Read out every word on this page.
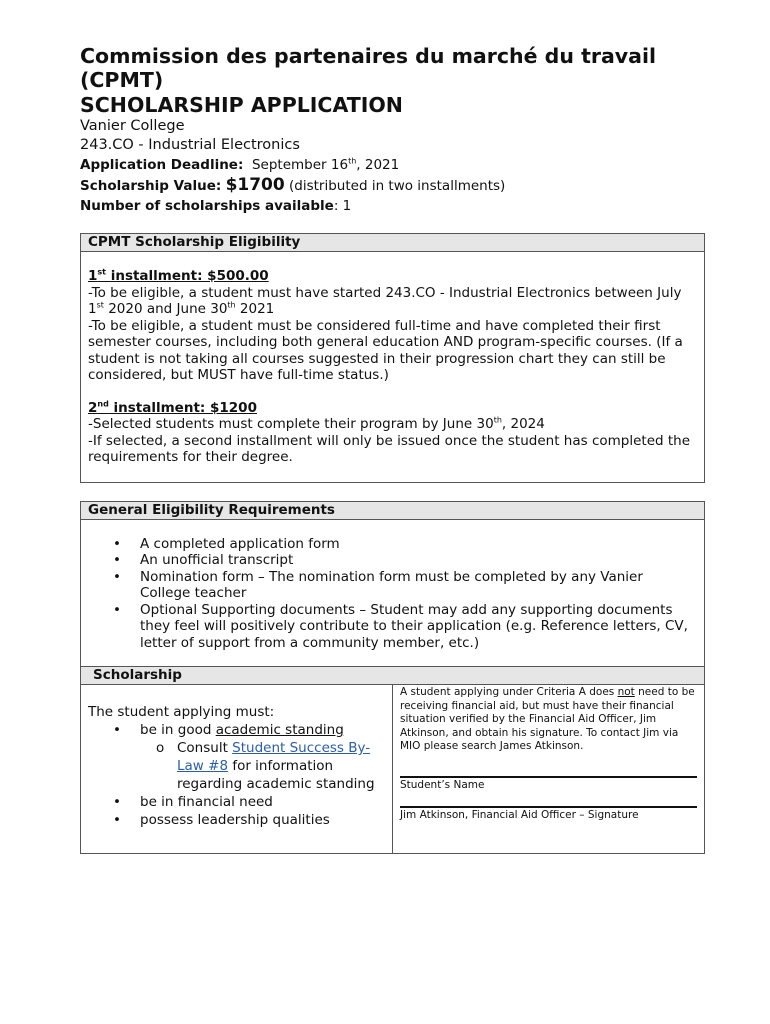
Commission des partenaires du marché du travail
(CPMT)
SCHOLARSHIP APPLICATION
Vanier College
243.CO - Industrial Electronics
Application Deadline: September 16th, 2021
Scholarship Value: $1700 (distributed in two installments)
Number of scholarships available: 1
CPMT Scholarship Eligibility
1st installment: $500.00
-To be eligible, a student must have started 243.CO - Industrial Electronics between July 1st 2020 and June 30th 2021
-To be eligible, a student must be considered full-time and have completed their first semester courses, including both general education AND program-specific courses. (If a student is not taking all courses suggested in their progression chart they can still be considered, but MUST have full-time status.)
2nd installment: $1200
-Selected students must complete their program by June 30th, 2024
-If selected, a second installment will only be issued once the student has completed the requirements for their degree.
General Eligibility Requirements
• A completed application form
• An unofficial transcript
• Nomination form – The nomination form must be completed by any Vanier College teacher
• Optional Supporting documents – Student may add any supporting documents they feel will positively contribute to their application (e.g. Reference letters, CV, letter of support from a community member, etc.)
Scholarship
The student applying must:
• be in good academic standing
o Consult Student Success By-Law #8 for information regarding academic standing
• be in financial need
• possess leadership qualities
A student applying under Criteria A does not need to be receiving financial aid, but must have their financial situation verified by the Financial Aid Officer, Jim Atkinson, and obtain his signature. To contact Jim via MIO please search James Atkinson.
Student’s Name
Jim Atkinson, Financial Aid Officer – Signature
